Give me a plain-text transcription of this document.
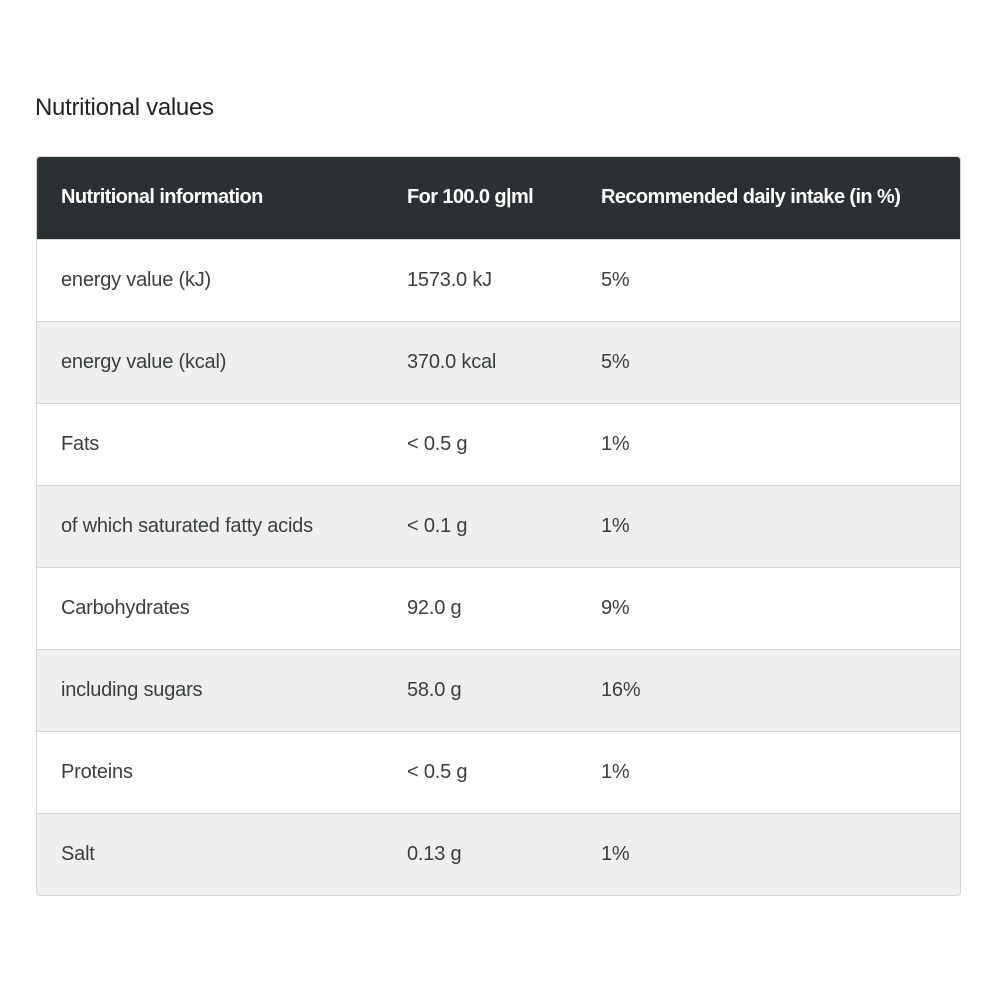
Nutritional values
Nutritional information	For 100.0 g|ml	Recommended daily intake (in %)
energy value (kJ)	1573.0 kJ	5%
energy value (kcal)	370.0 kcal	5%
Fats	< 0.5 g	1%
of which saturated fatty acids	< 0.1 g	1%
Carbohydrates	92.0 g	9%
including sugars	58.0 g	16%
Proteins	< 0.5 g	1%
Salt	0.13 g	1%
